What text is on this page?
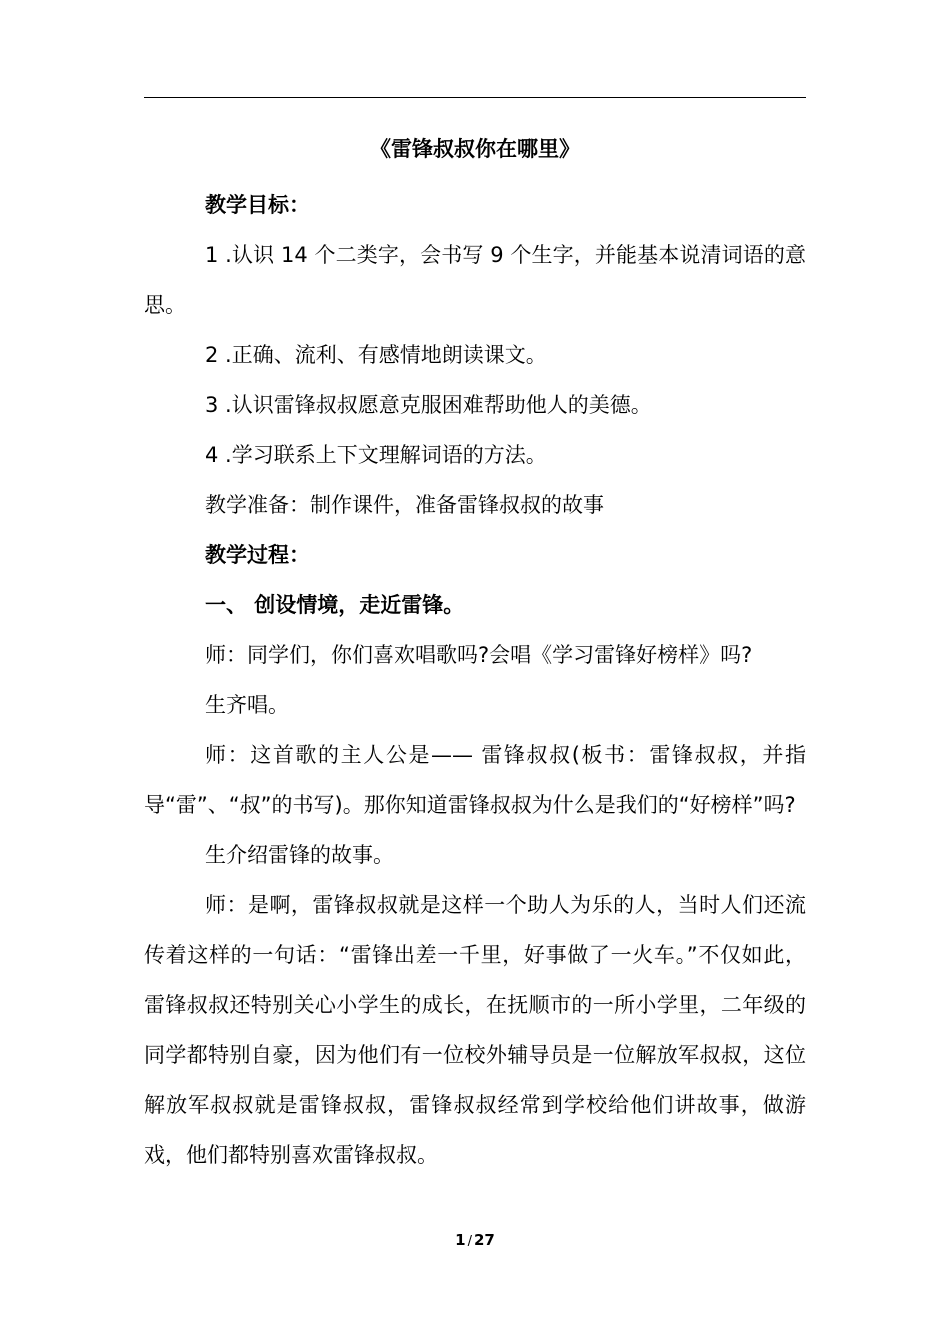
《雷锋叔叔你在哪里》

教学目标：

1 .认识 14 个二类字，会书写 9 个生字，并能基本说清词语的意思。

2 .正确、流利、有感情地朗读课文。

3 .认识雷锋叔叔愿意克服困难帮助他人的美德。

4 .学习联系上下文理解词语的方法。

教学准备：制作课件，准备雷锋叔叔的故事

教学过程：

一、 创设情境，走近雷锋。

师：同学们，你们喜欢唱歌吗?会唱《学习雷锋好榜样》吗?

生齐唱。

师：这首歌的主人公是—— 雷锋叔叔(板书：雷锋叔叔，并指导“雷”、“叔”的书写)。那你知道雷锋叔叔为什么是我们的“好榜样”吗?

生介绍雷锋的故事。

师：是啊，雷锋叔叔就是这样一个助人为乐的人，当时人们还流传着这样的一句话：“雷锋出差一千里，好事做了一火车。”不仅如此，雷锋叔叔还特别关心小学生的成长，在抚顺市的一所小学里，二年级的同学都特别自豪，因为他们有一位校外辅导员是一位解放军叔叔，这位解放军叔叔就是雷锋叔叔，雷锋叔叔经常到学校给他们讲故事，做游戏，他们都特别喜欢雷锋叔叔。

1 / 27
